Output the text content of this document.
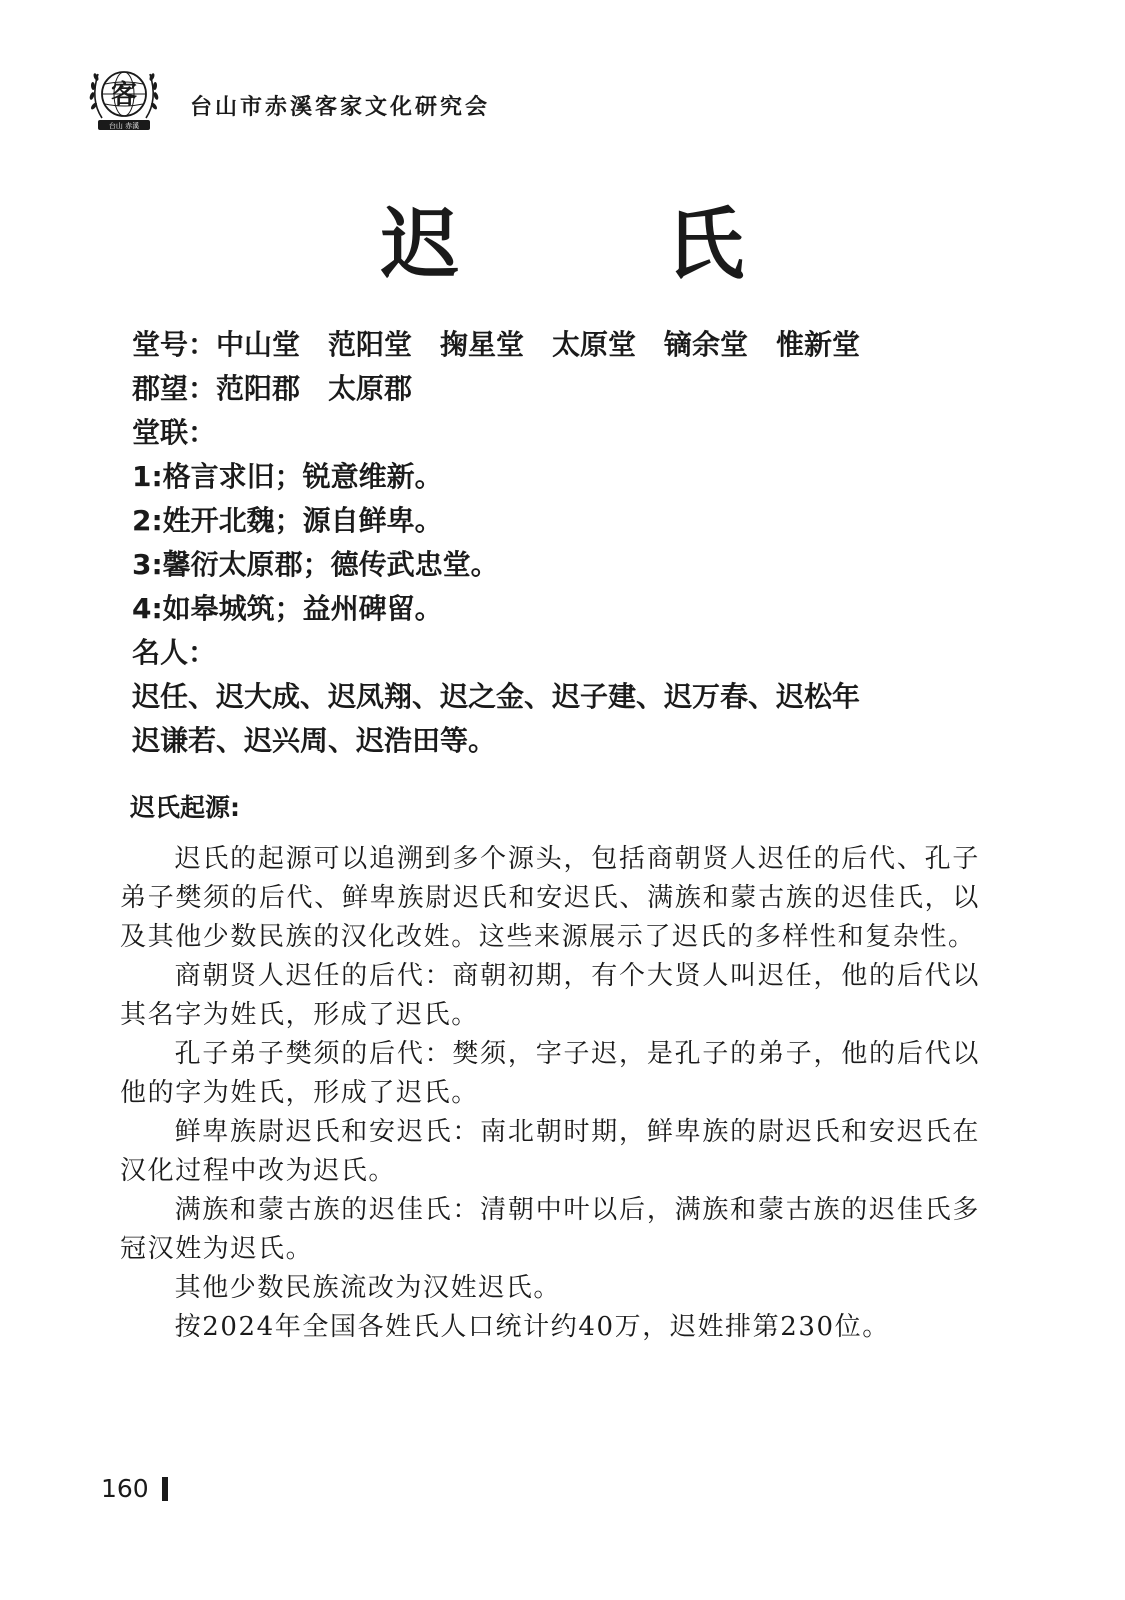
客
台山 赤溪
台山市赤溪客家文化研究会
迟 氏
堂号：中山堂　范阳堂　掬星堂　太原堂　镝余堂　惟新堂
郡望：范阳郡　太原郡
堂联：
1:格言求旧；锐意维新。
2:姓开北魏；源自鲜卑。
3:馨衍太原郡；德传武忠堂。
4:如皋城筑；益州碑留。
名人：
迟任、迟大成、迟凤翔、迟之金、迟子建、迟万春、迟松年
迟谦若、迟兴周、迟浩田等。
迟氏起源:

迟氏的起源可以追溯到多个源头，包括商朝贤人迟任的后代、孔子弟子樊须的后代、鲜卑族尉迟氏和安迟氏、满族和蒙古族的迟佳氏，以及其他少数民族的汉化改姓。这些来源展示了迟氏的多样性和复杂性。

商朝贤人迟任的后代：商朝初期，有个大贤人叫迟任，他的后代以其名字为姓氏，形成了迟氏。

孔子弟子樊须的后代：樊须，字子迟，是孔子的弟子，他的后代以他的字为姓氏，形成了迟氏。

鲜卑族尉迟氏和安迟氏：南北朝时期，鲜卑族的尉迟氏和安迟氏在汉化过程中改为迟氏。

满族和蒙古族的迟佳氏：清朝中叶以后，满族和蒙古族的迟佳氏多冠汉姓为迟氏。

其他少数民族流改为汉姓迟氏。

按2024年全国各姓氏人口统计约40万，迟姓排第230位。

160
